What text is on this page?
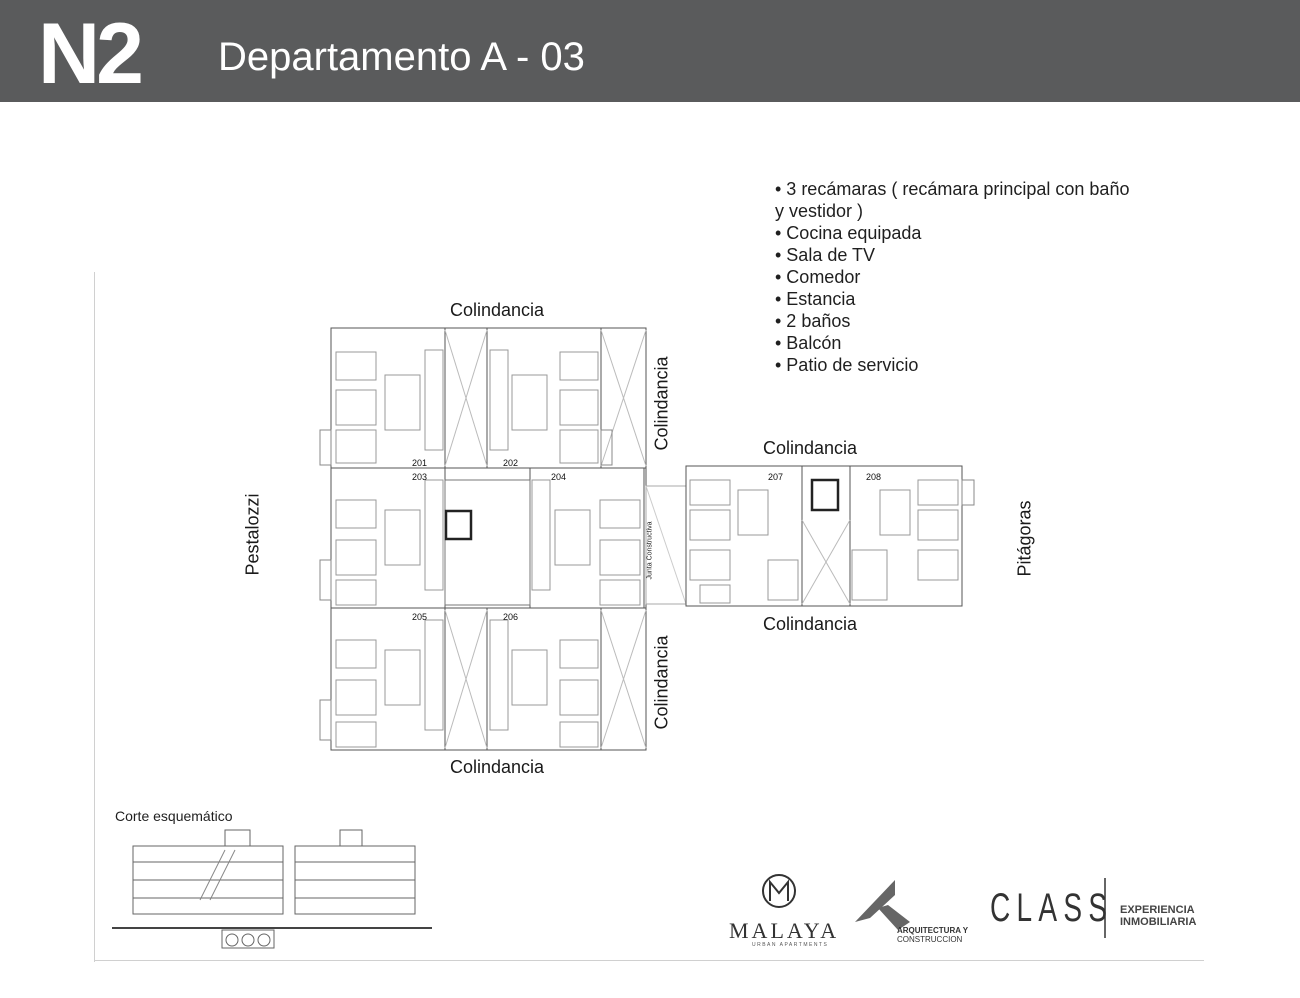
N2 Departamento A - 03
• 3 recámaras ( recámara principal con baño y vestidor )
• Cocina equipada
• Sala de TV
• Comedor
• Estancia
• 2 baños
• Balcón
• Patio de servicio
Colindancia
Colindancia
Colindancia
Colindancia
Colindancia
Colindancia
Pestalozzi	Pitágoras
Junta Constructiva
201	202
203	204
205	206
207	208
Corte esquemático
MALAYA
URBAN APARTMENTS
ARQUITECTURA Y
CONSTRUCCION
CLASS EXPERIENCIA
INMOBILIARIA
